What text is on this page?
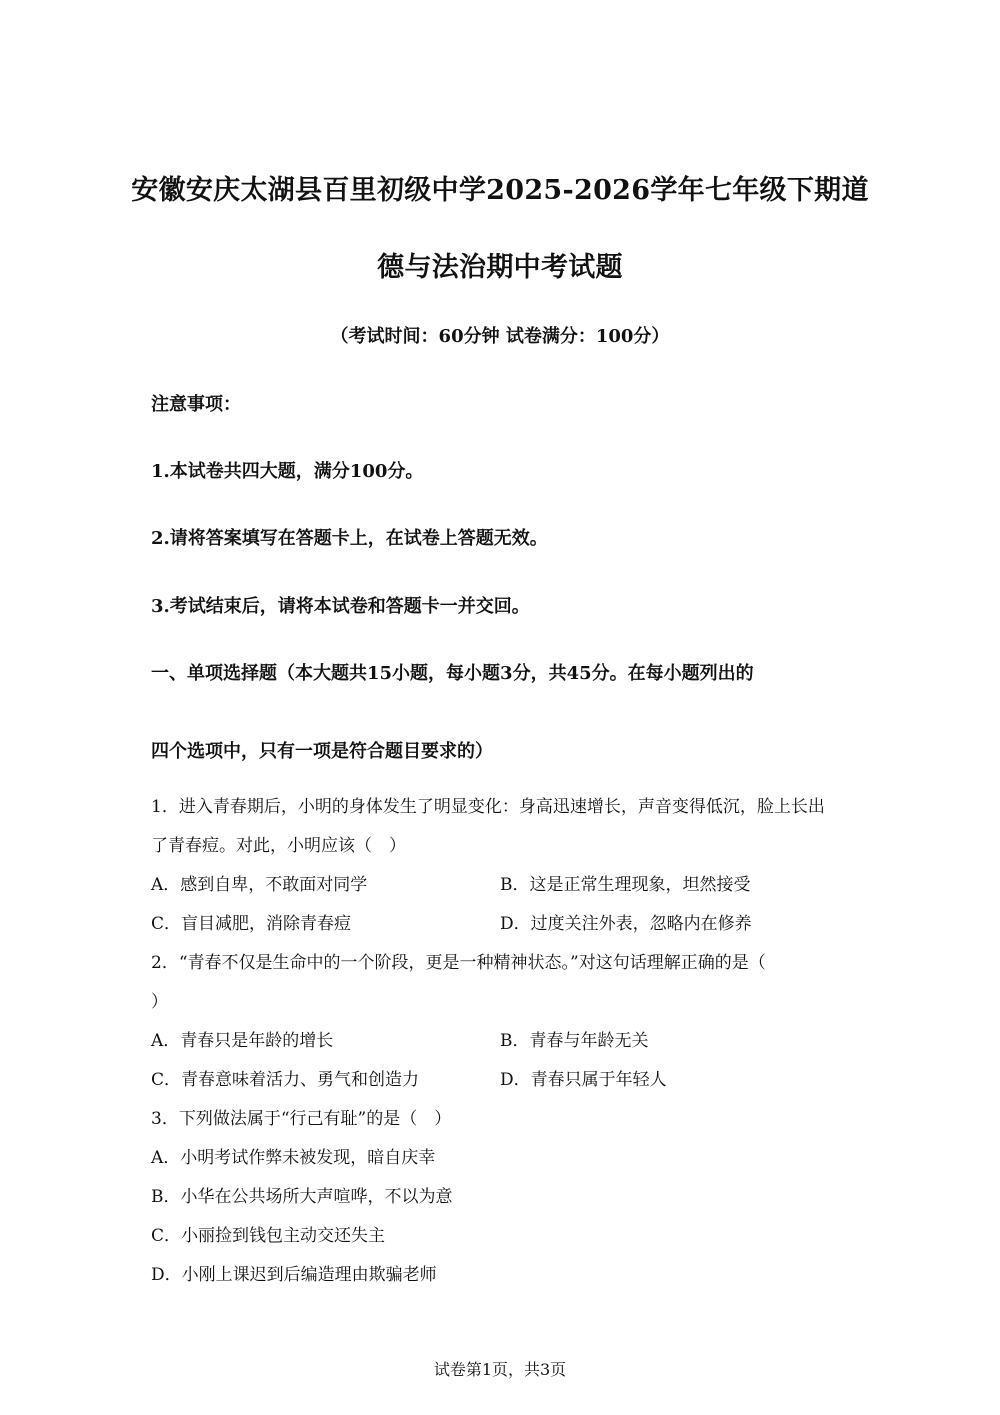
安徽安庆太湖县百里初级中学2025-2026学年七年级下期道
德与法治期中考试题
（考试时间：60分钟 试卷满分：100分）
注意事项：
1.本试卷共四大题，满分100分。
2.请将答案填写在答题卡上，在试卷上答题无效。
3.考试结束后，请将本试卷和答题卡一并交回。
一、单项选择题（本大题共15小题，每小题3分，共45分。在每小题列出的
四个选项中，只有一项是符合题目要求的）
1．进入青春期后，小明的身体发生了明显变化：身高迅速增长，声音变得低沉，脸上长出
了青春痘。对此，小明应该（　）
A．感到自卑，不敢面对同学	B．这是正常生理现象，坦然接受
C．盲目减肥，消除青春痘	D．过度关注外表，忽略内在修养
2．“青春不仅是生命中的一个阶段，更是一种精神状态。”对这句话理解正确的是（
）
A．青春只是年龄的增长	B．青春与年龄无关
C．青春意味着活力、勇气和创造力	D．青春只属于年轻人
3．下列做法属于“行己有耻”的是（　）
A．小明考试作弊未被发现，暗自庆幸
B．小华在公共场所大声喧哗，不以为意
C．小丽捡到钱包主动交还失主
D．小刚上课迟到后编造理由欺骗老师
试卷第1页，共3页
